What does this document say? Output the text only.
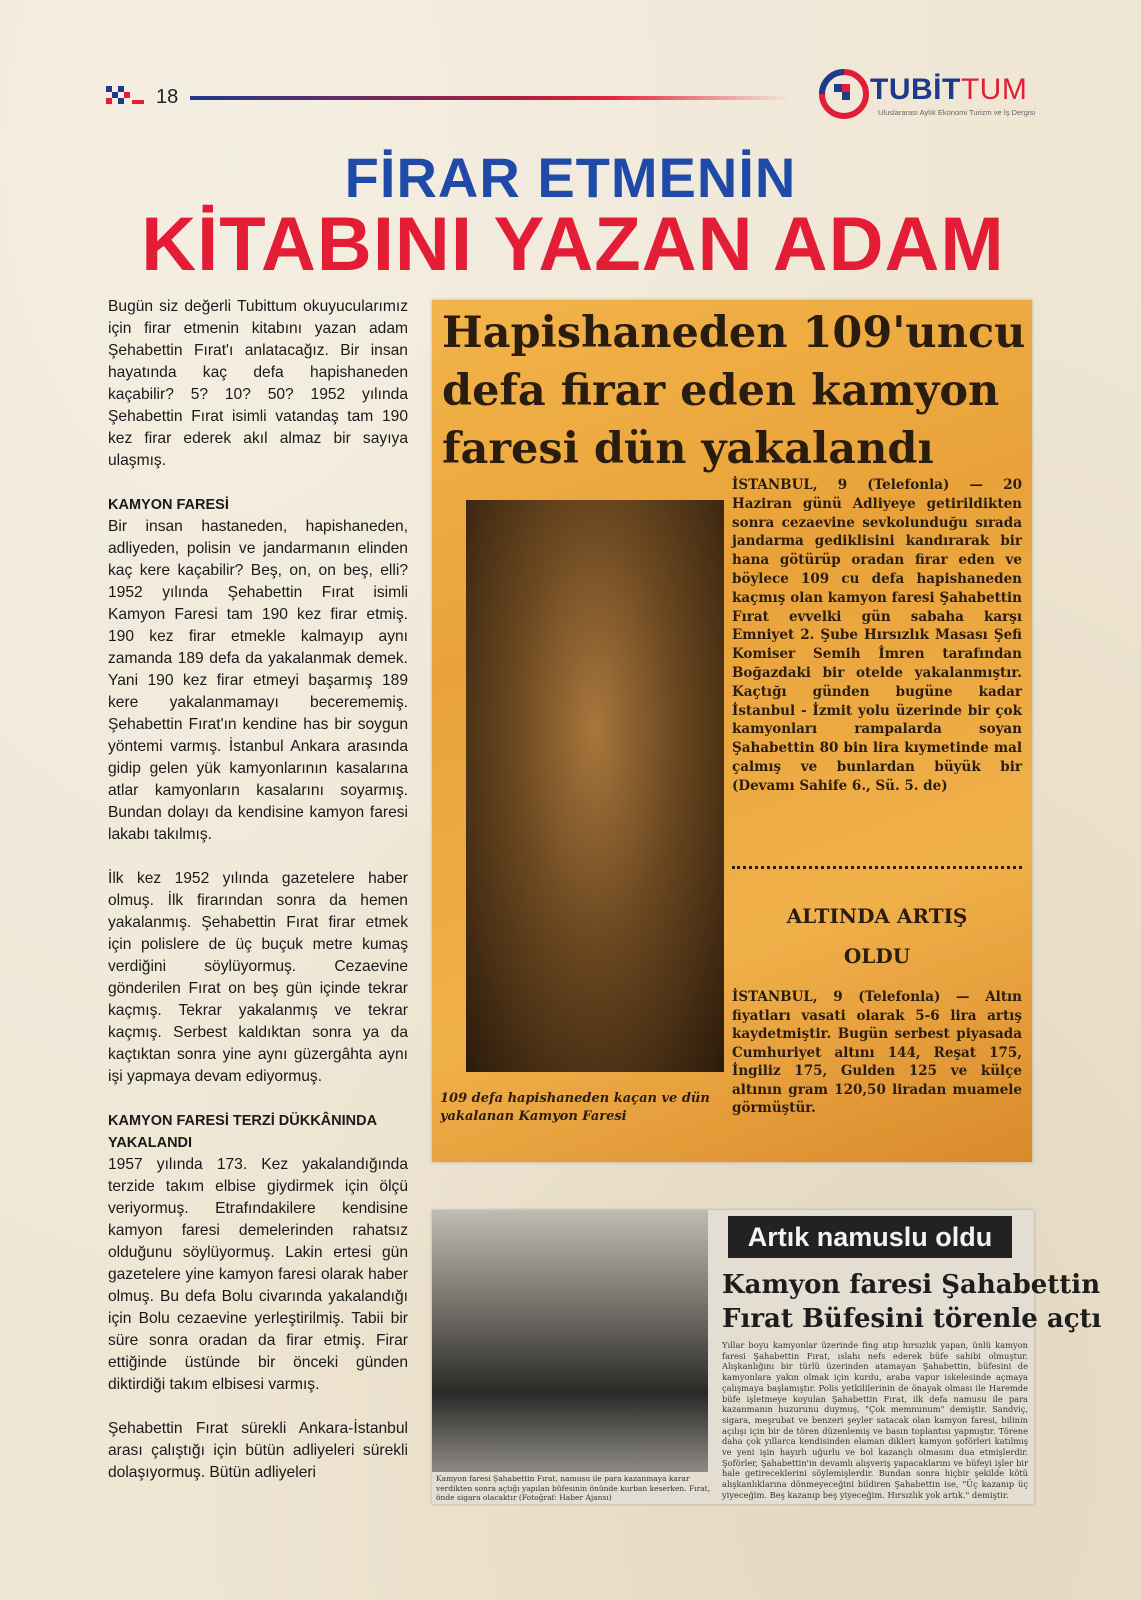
18	TUBİTTUM
Uluslararası Aylık Ekonomi Turizm ve İş Dergisi
FİRAR ETMENİN
KİTABINI YAZAN ADAM

Bugün siz değerli Tubittum okuyucularımız için firar etmenin kitabını yazan adam Şehabettin Fırat'ı anlatacağız. Bir insan hayatında kaç defa hapishaneden kaçabilir? 5? 10? 50? 1952 yılında Şehabettin Fırat isimli vatandaş tam 190 kez firar ederek akıl almaz bir sayıya ulaşmış.

KAMYON FARESİ

Bir insan hastaneden, hapishaneden, adliyeden, polisin ve jandarmanın elinden kaç kere kaçabilir? Beş, on, on beş, elli? 1952 yılında Şehabettin Fırat isimli Kamyon Faresi tam 190 kez firar etmiş. 190 kez firar etmekle kalmayıp aynı zamanda 189 defa da yakalanmak demek. Yani 190 kez firar etmeyi başarmış 189 kere yakalanmamayı becerememiş. Şehabettin Fırat'ın kendine has bir soygun yöntemi varmış. İstanbul Ankara arasında gidip gelen yük kamyonlarının kasalarına atlar kamyonların kasalarını soyarmış. Bundan dolayı da kendisine kamyon faresi lakabı takılmış.

İlk kez 1952 yılında gazetelere haber olmuş. İlk firarından sonra da hemen yakalanmış. Şehabettin Fırat firar etmek için polislere de üç buçuk metre kumaş verdiğini söylüyormuş. Cezaevine gönderilen Fırat on beş gün içinde tekrar kaçmış. Tekrar yakalanmış ve tekrar kaçmış. Serbest kaldıktan sonra ya da kaçtıktan sonra yine aynı güzergâhta aynı işi yapmaya devam ediyormuş.

KAMYON FARESİ TERZİ DÜKKÂNINDA YAKALANDI

1957 yılında 173. Kez yakalandığında terzide takım elbise giydirmek için ölçü veriyormuş. Etrafındakilere kendisine kamyon faresi demelerinden rahatsız olduğunu söylüyormuş. Lakin ertesi gün gazetelere yine kamyon faresi olarak haber olmuş. Bu defa Bolu civarında yakalandığı için Bolu cezaevine yerleştirilmiş. Tabii bir süre sonra oradan da firar etmiş. Firar ettiğinde üstünde bir önceki günden diktirdiği takım elbisesi varmış.

Şehabettin Fırat sürekli Ankara-İstanbul arası çalıştığı için bütün adliyeleri sürekli dolaşıyormuş. Bütün adliyeleri

Hapishaneden 109'uncu
defa firar eden kamyon
faresi dün yakalandı
109 defa hapishaneden kaçan ve dün yakalanan Kamyon Faresi
İSTANBUL, 9 (Telefonla) — 20 Haziran günü Adliyeye getirildikten sonra cezaevine sevkolunduğu sırada jandarma gediklisini kandırarak bir hana götürüp oradan firar eden ve böylece 109 cu defa hapishaneden kaçmış olan kamyon faresi Şahabettin Fırat evvelki gün sabaha karşı Emniyet 2. Şube Hırsızlık Masası Şefi Komiser Semih İmren tarafından Boğazdaki bir otelde yakalanmıştır. Kaçtığı günden bugüne kadar İstanbul - İzmit yolu üzerinde bir çok kamyonları rampalarda soyan Şahabettin 80 bin lira kıymetinde mal çalmış ve bunlardan büyük bir (Devamı Sahife 6., Sü. 5. de)
ALTINDA ARTIŞ
OLDU
İSTANBUL, 9 (Telefonla) — Altın fiyatları vasati olarak 5-6 lira artış kaydetmiştir. Bugün serbest piyasada Cumhuriyet altını 144, Reşat 175, İngiliz 175, Gulden 125 ve külçe altının gram 120,50 liradan muamele görmüştür.
Kamyon faresi Şahabettin Fırat, namusu ile para kazanmaya karar verdikten sonra açtığı yapılan büfesinin önünde kurban keserken. Fırat, önde sigara olacaktır (Fotoğraf: Haber Ajansı)
Artık namuslu oldu
Kamyon faresi Şahabettin
Fırat Büfesini törenle açtı
Yıllar boyu kamyonlar üzerinde fing atıp hırsızlık yapan, ünlü kamyon faresi Şahabettin Fırat, ıslahı nefs ederek büfe sahibi olmuştur. Alışkanlığını bir türlü üzerinden atamayan Şahabettin, büfesini de kamyonlara yakın olmak için kurdu, araba vapur iskelesinde açmaya çalışmaya başlamıştır. Polis yetkililerinin de önayak olması ile Haremde büfe işletmeye koyulan Şahabettin Fırat, ilk defa namusu ile para kazanmanın huzurunu duymuş, "Çok memnunum" demiştir. Sandviç, sigara, meşrubat ve benzeri şeyler satacak olan kamyon faresi, bilinin açılışı için bir de tören düzenlemiş ve basın toplantısı yapmıştır. Törene daha çok yıllarca kendisinden elaman dikleri kamyon şoförleri katılmış ve yeni işin hayırlı uğurlu ve bol kazançlı olmasını dua etmişlerdir. Şoförler, Şahabettin'in devamlı alışveriş yapacaklarını ve büfeyi işler bir hale getireceklerini söylemişlerdir. Bundan sonra hiçbir şekilde kötü alışkanlıklarına dönmeyeceğini bildiren Şahabettin ise, "Üç kazanıp üç yiyeceğim. Beş kazanıp beş yiyeceğim. Hırsızlık yok artık." demiştir.
